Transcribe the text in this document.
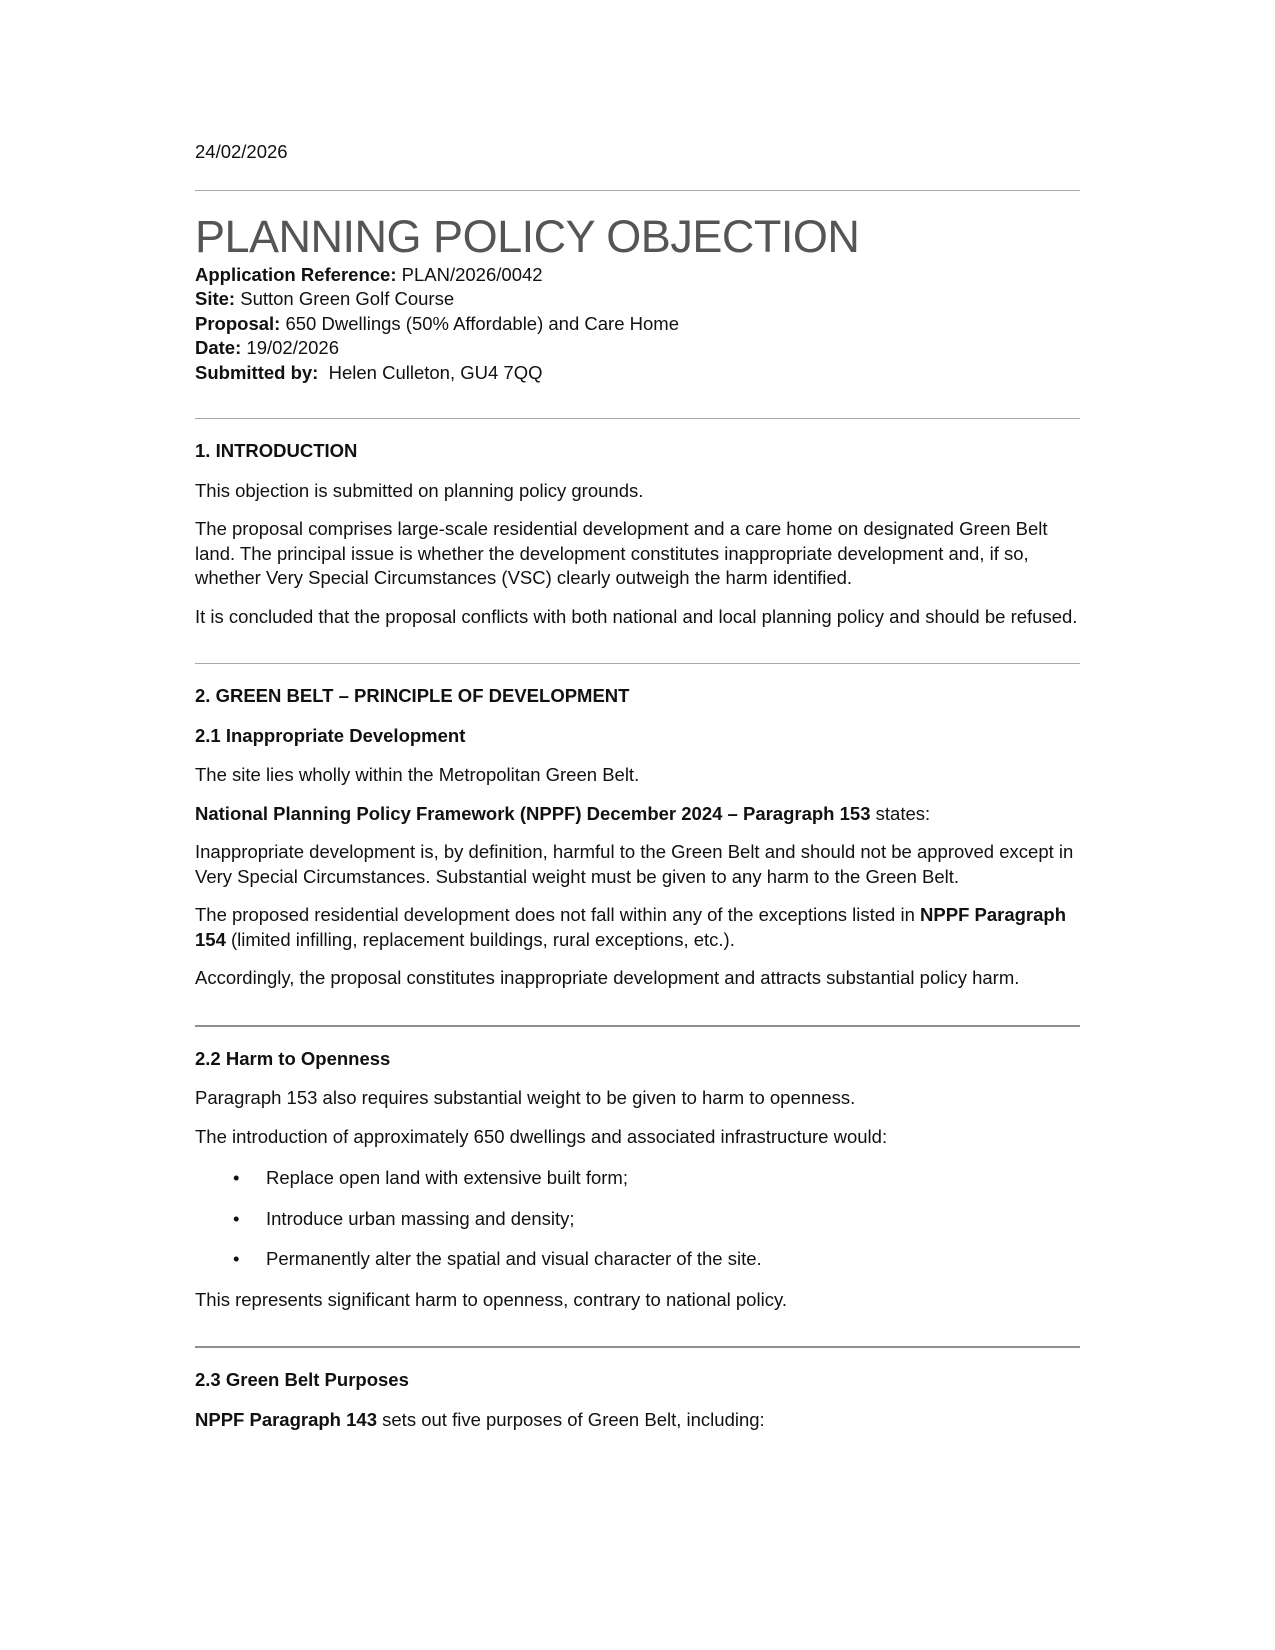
24/02/2026
PLANNING POLICY OBJECTION
Application Reference: PLAN/2026/0042
Site: Sutton Green Golf Course
Proposal: 650 Dwellings (50% Affordable) and Care Home
Date: 19/02/2026
Submitted by:  Helen Culleton, GU4 7QQ
1. INTRODUCTION

This objection is submitted on planning policy grounds.

The proposal comprises large-scale residential development and a care home on designated Green Belt land. The principal issue is whether the development constitutes inappropriate development and, if so, whether Very Special Circumstances (VSC) clearly outweigh the harm identified.

It is concluded that the proposal conflicts with both national and local planning policy and should be refused.

2. GREEN BELT – PRINCIPLE OF DEVELOPMENT
2.1 Inappropriate Development

The site lies wholly within the Metropolitan Green Belt.

National Planning Policy Framework (NPPF) December 2024 – Paragraph 153 states:

Inappropriate development is, by definition, harmful to the Green Belt and should not be approved except in Very Special Circumstances. Substantial weight must be given to any harm to the Green Belt.

The proposed residential development does not fall within any of the exceptions listed in NPPF Paragraph 154 (limited infilling, replacement buildings, rural exceptions, etc.).

Accordingly, the proposal constitutes inappropriate development and attracts substantial policy harm.

2.2 Harm to Openness

Paragraph 153 also requires substantial weight to be given to harm to openness.

The introduction of approximately 650 dwellings and associated infrastructure would:

• Replace open land with extensive built form;
• Introduce urban massing and density;
• Permanently alter the spatial and visual character of the site.

This represents significant harm to openness, contrary to national policy.

2.3 Green Belt Purposes

NPPF Paragraph 143 sets out five purposes of Green Belt, including:
